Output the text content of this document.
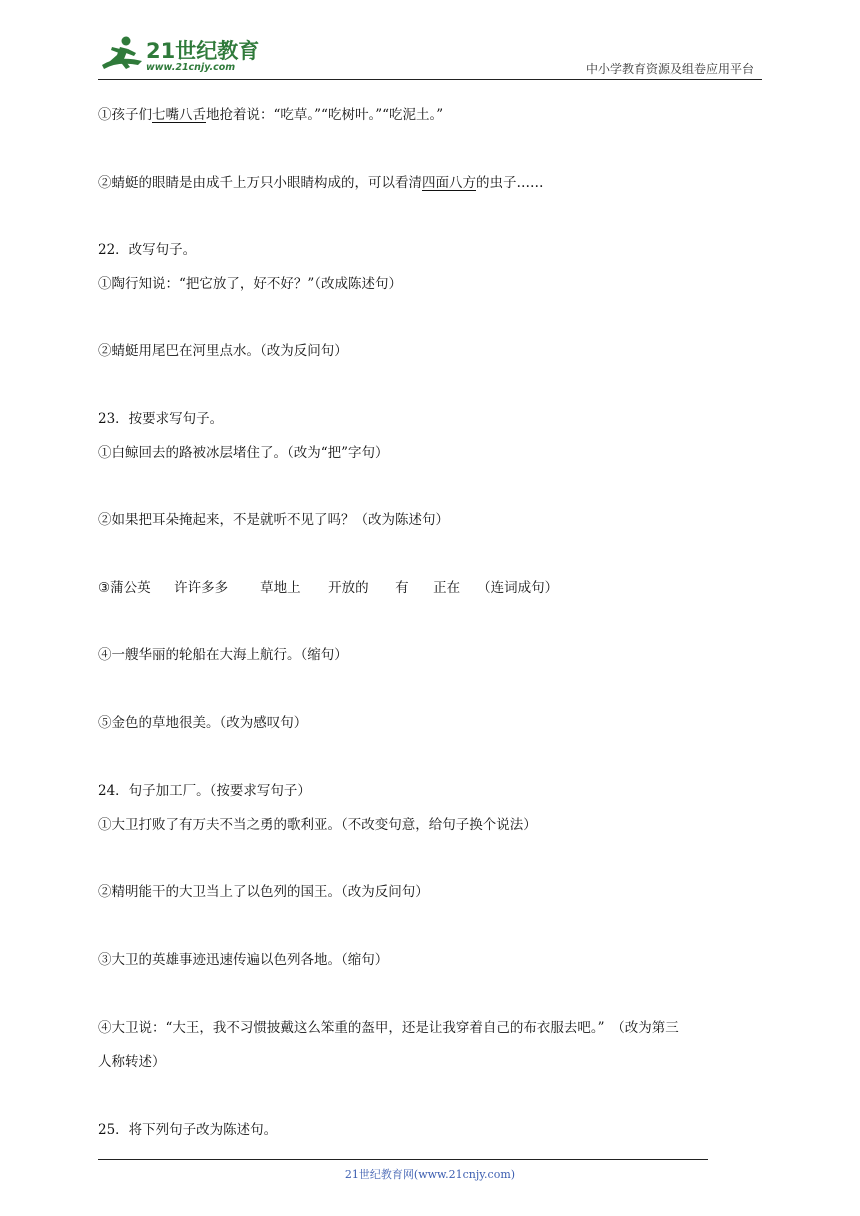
21世纪教育
www.21cnjy.com	中小学教育资源及组卷应用平台
①孩子们七嘴八舌地抢着说：“吃草。”“吃树叶。”“吃泥土。”
②蜻蜓的眼睛是由成千上万只小眼睛构成的，可以看清四面八方的虫子……
22．改写句子。
①陶行知说：“把它放了，好不好？”（改成陈述句）
②蜻蜓用尾巴在河里点水。（改为反问句）
23．按要求写句子。
①白鲸回去的路被冰层堵住了。（改为“把”字句）
②如果把耳朵掩起来，不是就听不见了吗？（改为陈述句）
③蒲公英 许许多多 草地上 开放的 有 正在 （连词成句）
④一艘华丽的轮船在大海上航行。（缩句）
⑤金色的草地很美。（改为感叹句）
24．句子加工厂。（按要求写句子）
①大卫打败了有万夫不当之勇的歌利亚。（不改变句意，给句子换个说法）
②精明能干的大卫当上了以色列的国王。（改为反问句）
③大卫的英雄事迹迅速传遍以色列各地。（缩句）
④大卫说：“大王，我不习惯披戴这么笨重的盔甲，还是让我穿着自己的布衣服去吧。”　（改为第三
人称转述）
25．将下列句子改为陈述句。
21世纪教育网(www.21cnjy.com)
